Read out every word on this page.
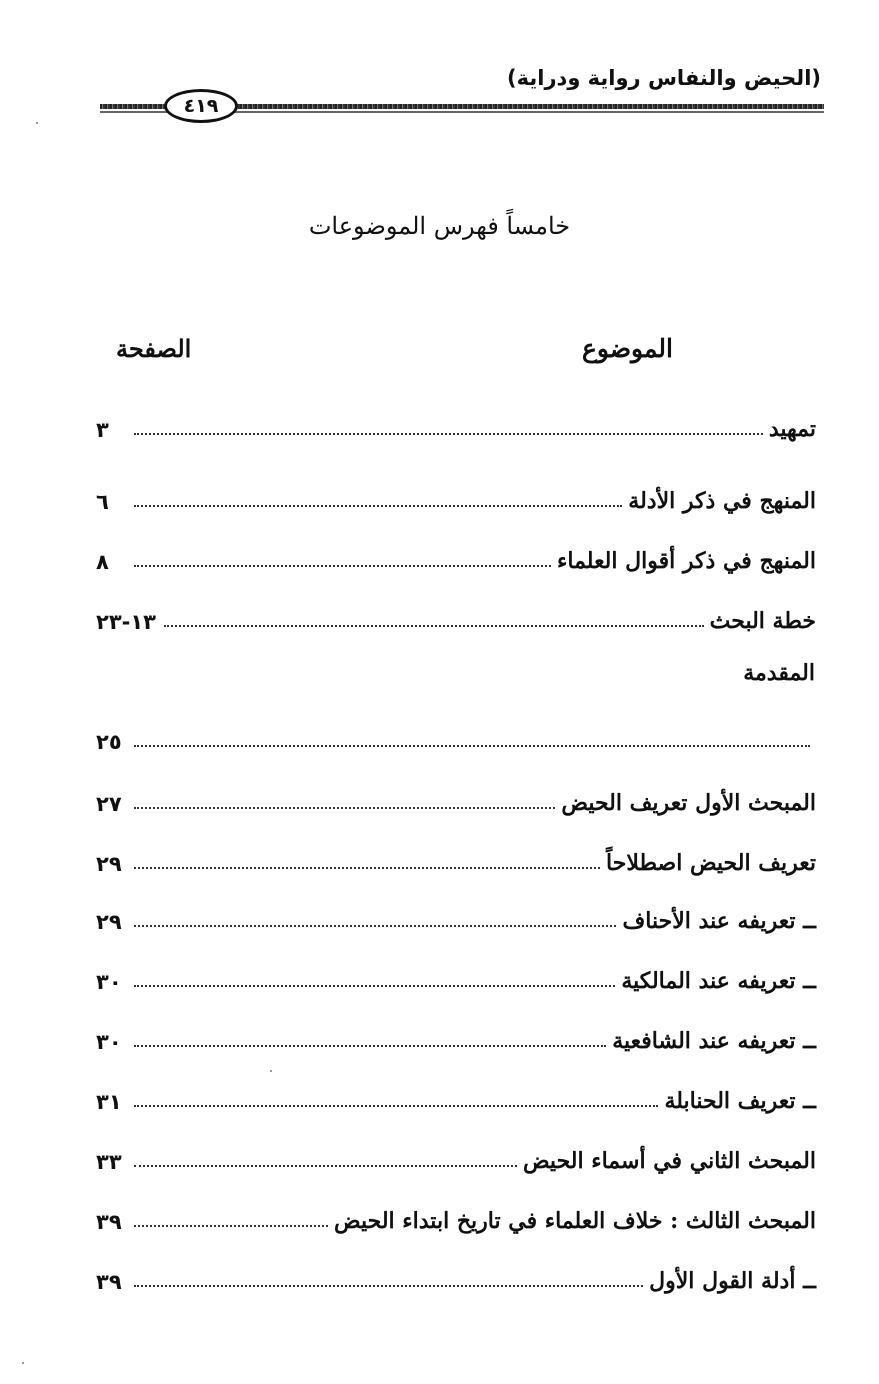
(الحيض والنفاس رواية ودراية)
٤١٩
خامساً فهرس الموضوعات
الموضوع
الصفحة
تمهيد
٣
المنهج في ذكر الأدلة
٦
المنهج في ذكر أقوال العلماء
٨
خطة البحث
١٣-٢٣
٢٥
المبحث الأول تعريف الحيض
٢٧
تعريف الحيض اصطلاحاً
٢٩
ــ تعريفه عند الأحناف
٢٩
ــ تعريفه عند المالكية
٣٠
ــ تعريفه عند الشافعية
٣٠
ــ تعريف الحنابلة
٣١
المبحث الثاني في أسماء الحيض
٣٣
المبحث الثالث : خلاف العلماء في تاريخ ابتداء الحيض
٣٩
ــ أدلة القول الأول
٣٩
المقدمة
